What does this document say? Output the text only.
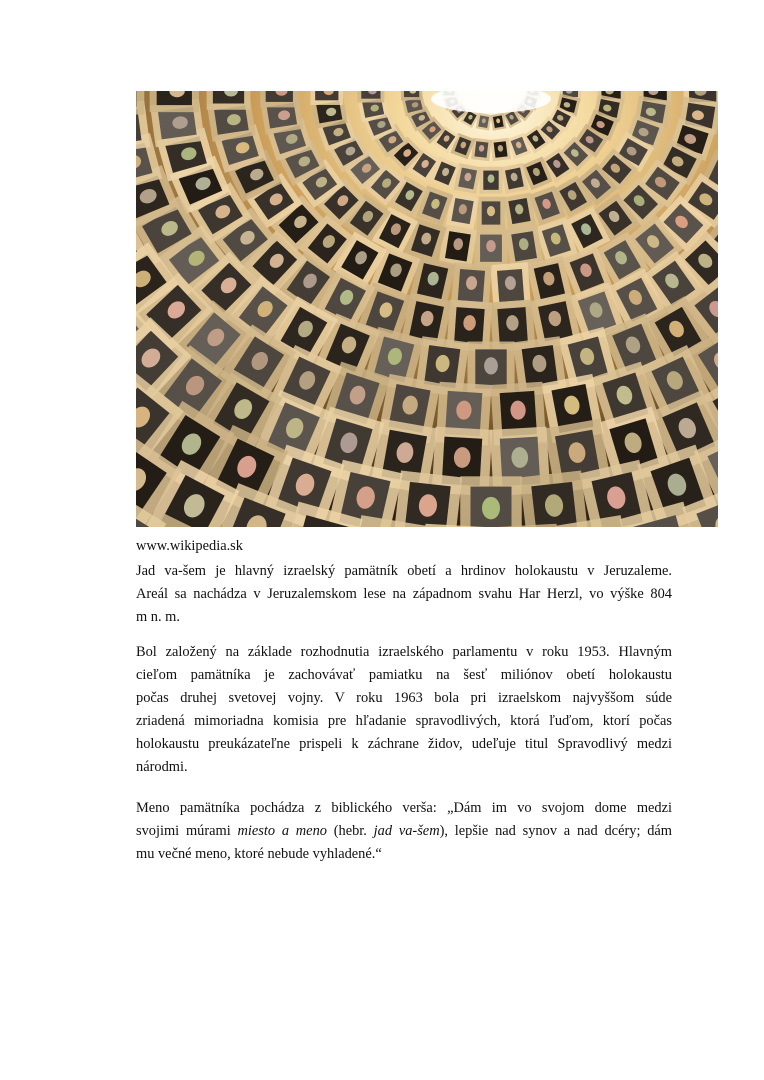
www.wikipedia.sk
Jad va-šem je hlavný izraelský pamätník obetí a hrdinov holokaustu v Jeruzaleme.
Areál sa nachádza v Jeruzalemskom lese na západnom svahu Har Herzl, vo výške 804
m n. m.
Bol založený na základe rozhodnutia izraelského parlamentu v roku 1953. Hlavným
cieľom pamätníka je zachovávať pamiatku na šesť miliónov obetí holokaustu
počas druhej svetovej vojny. V roku 1963 bola pri izraelskom najvyššom súde
zriadená mimoriadna komisia pre hľadanie spravodlivých, ktorá ľuďom, ktorí počas
holokaustu preukázateľne prispeli k záchrane židov, udeľuje titul Spravodlivý medzi
národmi.
Meno pamätníka pochádza z biblického verša: „Dám im vo svojom dome medzi
svojimi múrami miesto a meno (hebr. jad va-šem), lepšie nad synov a nad dcéry; dám
mu večné meno, ktoré nebude vyhladené.“
